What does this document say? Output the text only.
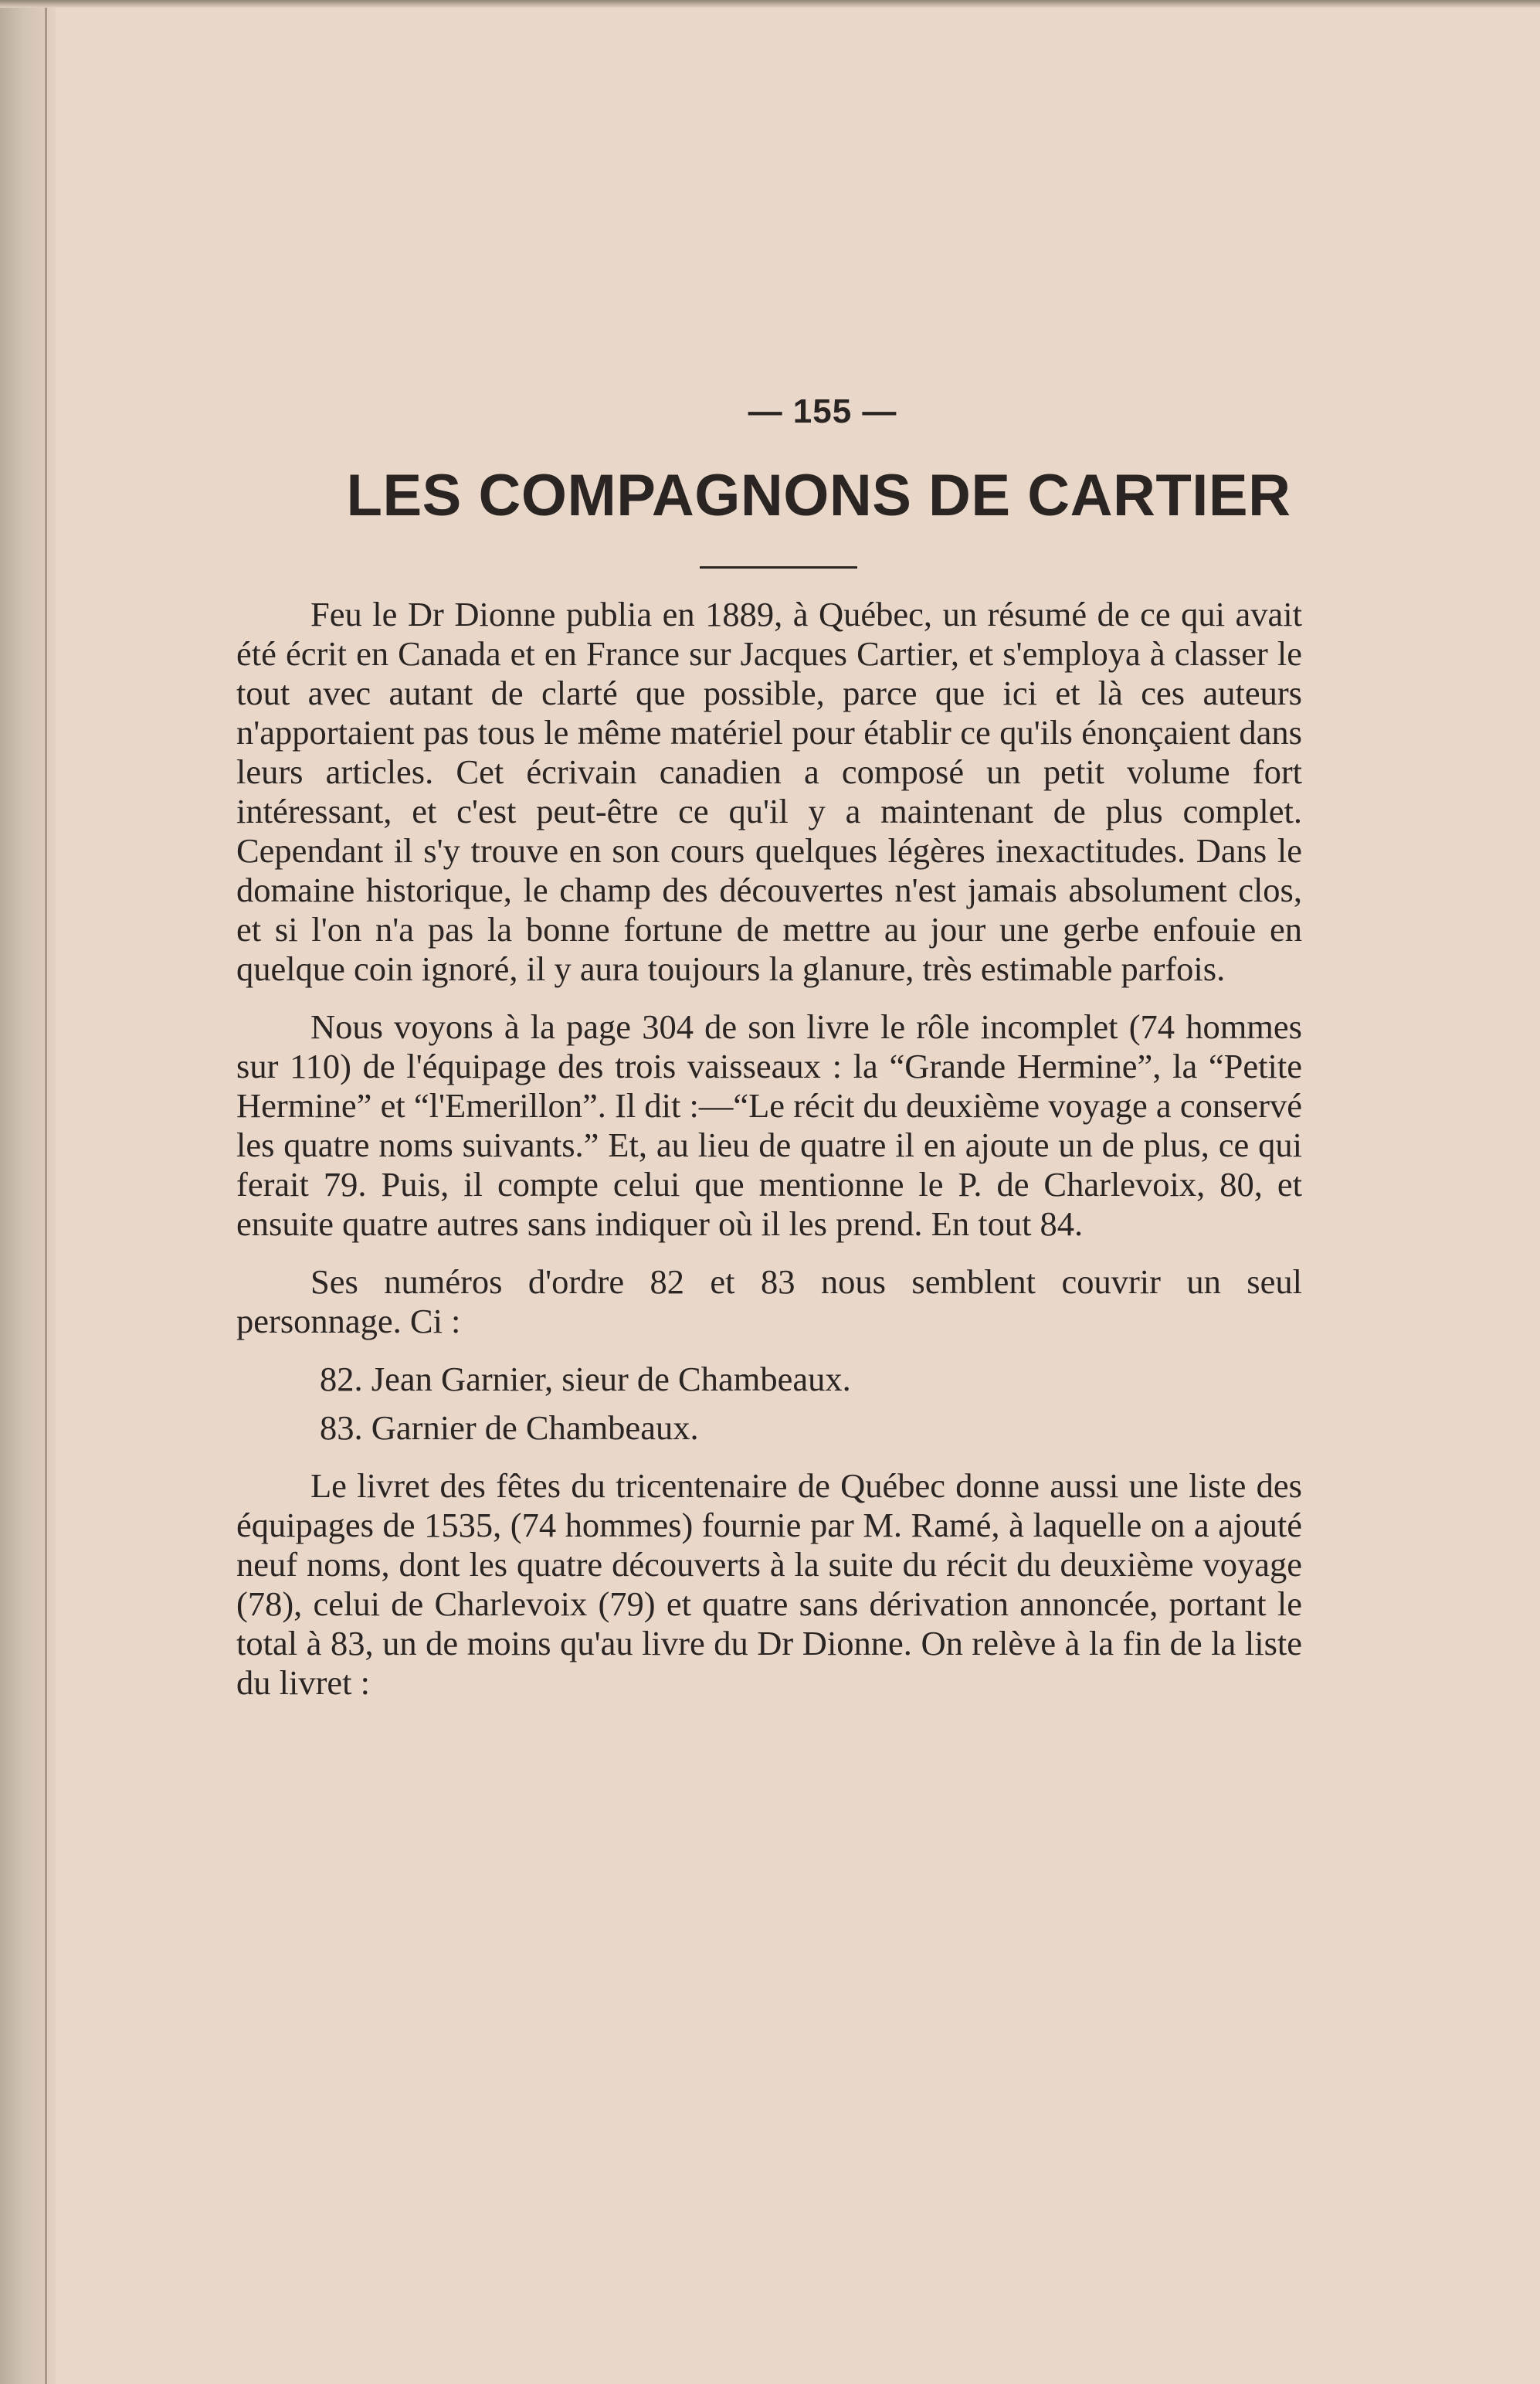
— 155 —
LES COMPAGNONS DE CARTIER

Feu le Dr Dionne publia en 1889, à Québec, un résumé de ce qui avait été écrit en Canada et en France sur Jacques Cartier, et s'employa à classer le tout avec autant de clarté que possible, parce que ici et là ces auteurs n'apportaient pas tous le même matériel pour établir ce qu'ils énonçaient dans leurs articles. Cet écrivain canadien a composé un petit volume fort intéressant, et c'est peut-être ce qu'il y a maintenant de plus complet. Cependant il s'y trouve en son cours quelques légères inexactitudes. Dans le domaine historique, le champ des découvertes n'est jamais absolument clos, et si l'on n'a pas la bonne fortune de mettre au jour une gerbe enfouie en quelque coin ignoré, il y aura toujours la glanure, très estimable parfois.

Nous voyons à la page 304 de son livre le rôle incomplet (74 hommes sur 110) de l'équipage des trois vaisseaux : la “Grande Hermine”, la “Petite Hermine” et “l'Emerillon”. Il dit :—“Le récit du deuxième voyage a conservé les quatre noms suivants.” Et, au lieu de quatre il en ajoute un de plus, ce qui ferait 79. Puis, il compte celui que mentionne le P. de Charlevoix, 80, et ensuite quatre autres sans indiquer où il les prend. En tout 84.

Ses numéros d'ordre 82 et 83 nous semblent couvrir un seul personnage. Ci :

82. Jean Garnier, sieur de Chambeaux.

83. Garnier de Chambeaux.

Le livret des fêtes du tricentenaire de Québec donne aussi une liste des équipages de 1535, (74 hommes) fournie par M. Ramé, à laquelle on a ajouté neuf noms, dont les quatre découverts à la suite du récit du deuxième voyage (78), celui de Charlevoix (79) et quatre sans dérivation annoncée, portant le total à 83, un de moins qu'au livre du Dr Dionne. On relève à la fin de la liste du livret :
